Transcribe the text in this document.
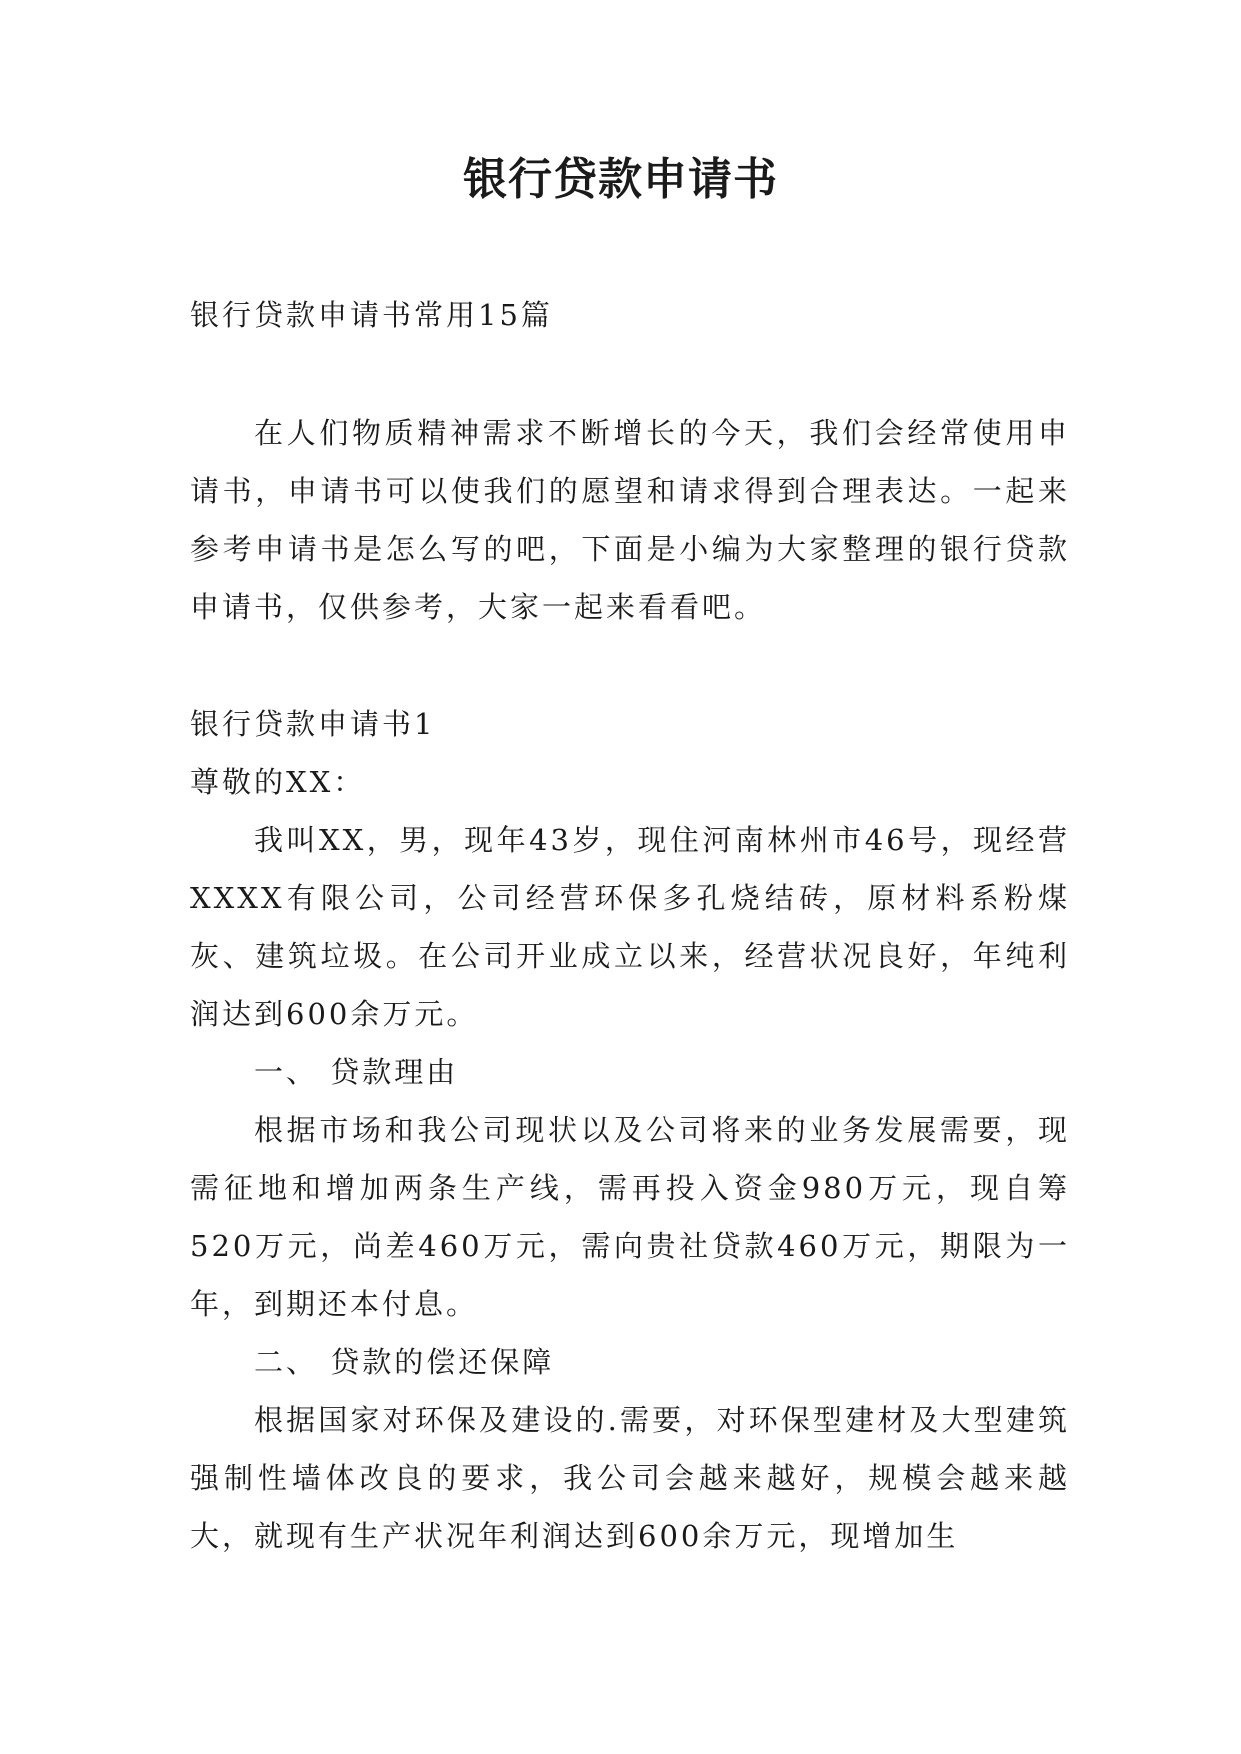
银行贷款申请书

银行贷款申请书常用15篇

在人们物质精神需求不断增长的今天，我们会经常使用申请书，申请书可以使我们的愿望和请求得到合理表达。一起来参考申请书是怎么写的吧，下面是小编为大家整理的银行贷款申请书，仅供参考，大家一起来看看吧。

银行贷款申请书1

尊敬的XX：

我叫XX，男，现年43岁，现住河南林州市46号，现经营XXXX有限公司，公司经营环保多孔烧结砖，原材料系粉煤灰、建筑垃圾。在公司开业成立以来，经营状况良好，年纯利润达到600余万元。

一、 贷款理由

根据市场和我公司现状以及公司将来的业务发展需要，现需征地和增加两条生产线，需再投入资金980万元，现自筹520万元，尚差460万元，需向贵社贷款460万元，期限为一年，到期还本付息。

二、 贷款的偿还保障

根据国家对环保及建设的.需要，对环保型建材及大型建筑强制性墙体改良的要求，我公司会越来越好，规模会越来越大，就现有生产状况年利润达到600余万元，现增加生
